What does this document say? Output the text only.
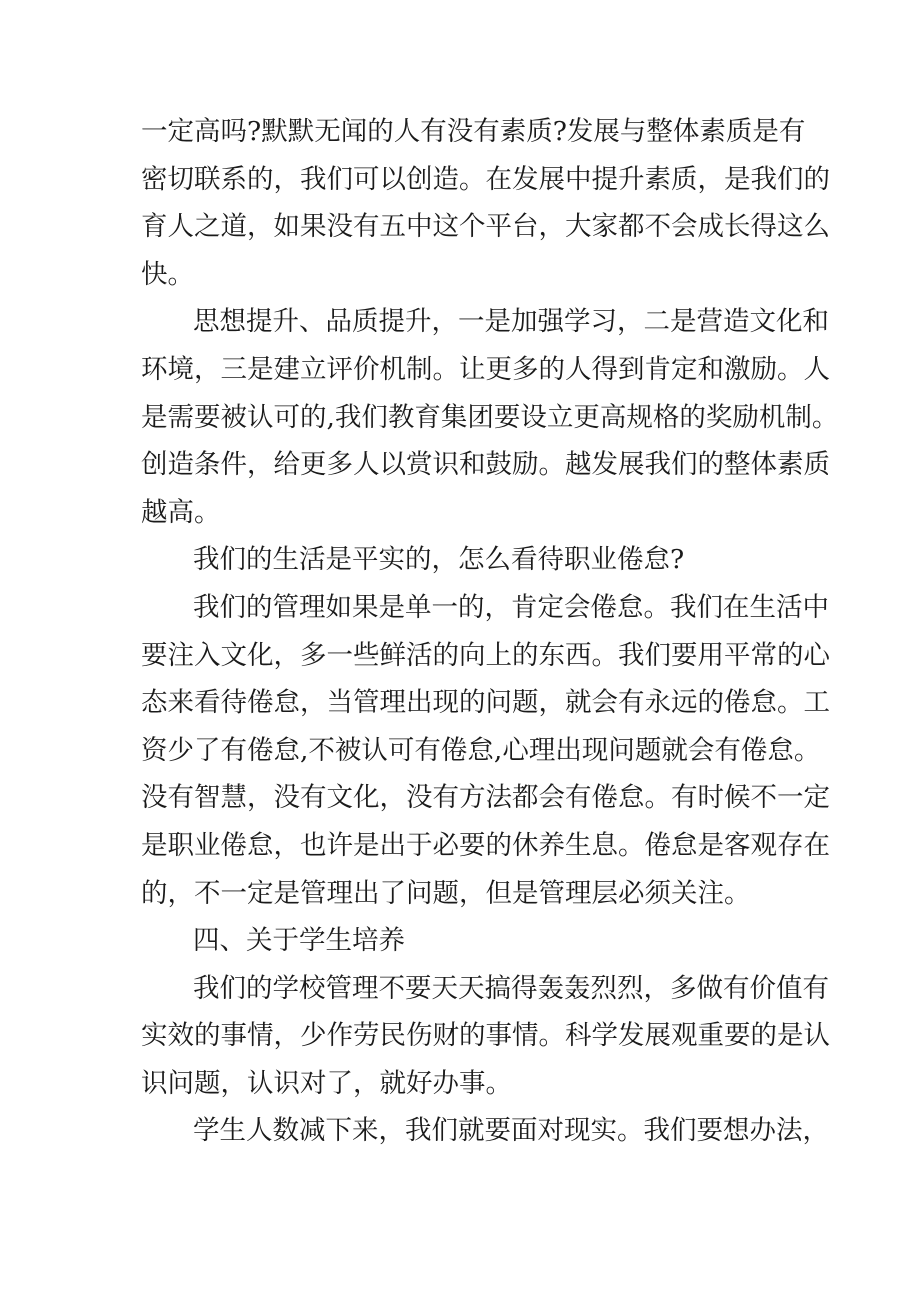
一定高吗?默默无闻的人有没有素质?发展与整体素质是有
密切联系的，我们可以创造。在发展中提升素质，是我们的
育人之道，如果没有五中这个平台，大家都不会成长得这么
快。
思想提升、品质提升，一是加强学习，二是营造文化和
环境，三是建立评价机制。让更多的人得到肯定和激励。人
是需要被认可的,我们教育集团要设立更高规格的奖励机制。
创造条件，给更多人以赏识和鼓励。越发展我们的整体素质
越高。
我们的生活是平实的，怎么看待职业倦怠?
我们的管理如果是单一的，肯定会倦怠。我们在生活中
要注入文化，多一些鲜活的向上的东西。我们要用平常的心
态来看待倦怠，当管理出现的问题，就会有永远的倦怠。工
资少了有倦怠,不被认可有倦怠,心理出现问题就会有倦怠。
没有智慧，没有文化，没有方法都会有倦怠。有时候不一定
是职业倦怠，也许是出于必要的休养生息。倦怠是客观存在
的，不一定是管理出了问题，但是管理层必须关注。
四、关于学生培养
我们的学校管理不要天天搞得轰轰烈烈，多做有价值有
实效的事情，少作劳民伤财的事情。科学发展观重要的是认
识问题，认识对了，就好办事。
学生人数减下来，我们就要面对现实。我们要想办法，
